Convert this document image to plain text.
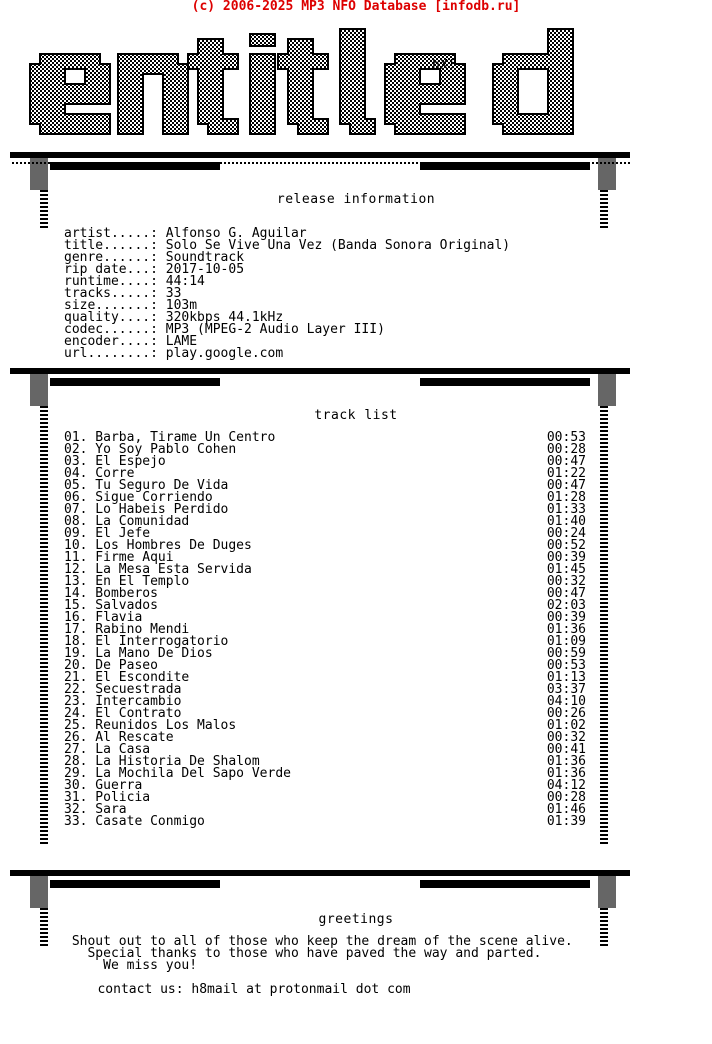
(c) 2006-2025 MP3 NFO Database [infodb.ru]
hX!
release information
artist.....: Alfonso G. Aguilar
title......: Solo Se Vive Una Vez (Banda Sonora Original)
genre......: Soundtrack
rip date...: 2017-10-05
runtime....: 44:14
tracks.....: 33
size.......: 103m
quality....: 320kbps 44.1kHz
codec......: MP3 (MPEG-2 Audio Layer III)
encoder....: LAME
url........: play.google.com
track list
01. Barba, Tirame Un Centro	00:53
02. Yo Soy Pablo Cohen	00:28
03. El Espejo	00:47
04. Corre	01:22
05. Tu Seguro De Vida	00:47
06. Sigue Corriendo	01:28
07. Lo Habeis Perdido	01:33
08. La Comunidad	01:40
09. El Jefe	00:24
10. Los Hombres De Duges	00:52
11. Firme Aqui	00:39
12. La Mesa Esta Servida	01:45
13. En El Templo	00:32
14. Bomberos	00:47
15. Salvados	02:03
16. Flavia	00:39
17. Rabino Mendi	01:36
18. El Interrogatorio	01:09
19. La Mano De Dios	00:59
20. De Paseo	00:53
21. El Escondite	01:13
22. Secuestrada	03:37
23. Intercambio	04:10
24. El Contrato	00:26
25. Reunidos Los Malos	01:02
26. Al Rescate	00:32
27. La Casa	00:41
28. La Historia De Shalom	01:36
29. La Mochila Del Sapo Verde	01:36
30. Guerra	04:12
31. Policia	00:28
32. Sara	01:46
33. Casate Conmigo	01:39
greetings
Shout out to all of those who keep the dream of the scene alive.
Special thanks to those who have paved the way and parted.
We miss you!
contact us: h8mail at protonmail dot com
